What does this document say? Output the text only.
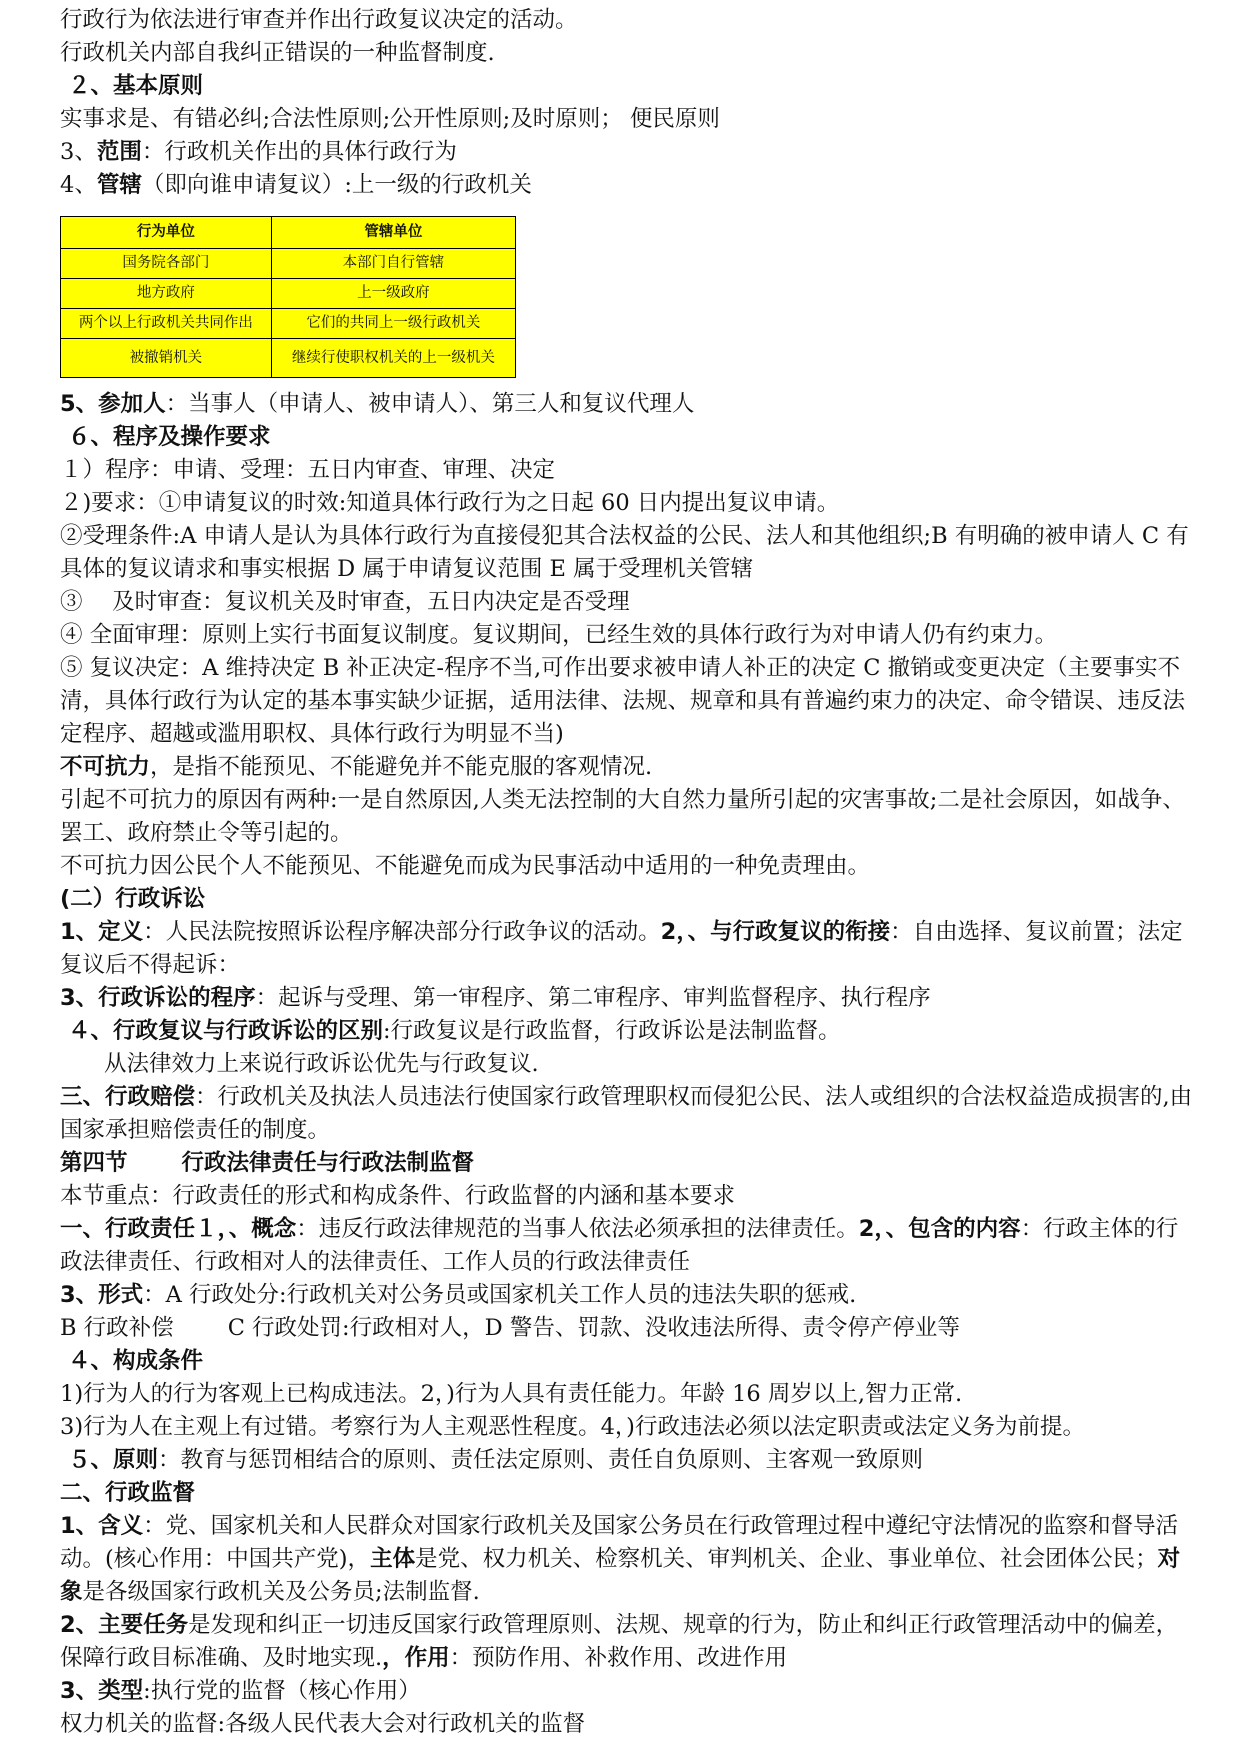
行政行为依法进行审查并作出行政复议决定的活动。

行政机关内部自我纠正错误的一种监督制度.

２、基本原则

实事求是、有错必纠;合法性原则;公开性原则;及时原则； 便民原则

3、范围：行政机关作出的具体行政行为

4、管辖（即向谁申请复议）:上一级的行政机关

行为单位	管辖单位
国务院各部门	本部门自行管辖
地方政府	上一级政府
两个以上行政机关共同作出	它们的共同上一级行政机关
被撤销机关	继续行使职权机关的上一级机关

5、参加人：当事人（申请人、被申请人）、第三人和复议代理人

６、程序及操作要求

１）程序：申请、受理：五日内审查、审理、决定

２)要求：①申请复议的时效:知道具体行政行为之日起 60 日内提出复议申请。

②受理条件:A 申请人是认为具体行政行为直接侵犯其合法权益的公民、法人和其他组织;B 有明确的被申请人 C 有具体的复议请求和事实根据 D 属于申请复议范围 E 属于受理机关管辖

③　 及时审查：复议机关及时审查，五日内决定是否受理

④ 全面审理：原则上实行书面复议制度。复议期间，已经生效的具体行政行为对申请人仍有约束力。

⑤ 复议决定：A 维持决定 B 补正决定-程序不当,可作出要求被申请人补正的决定 C 撤销或变更决定（主要事实不清，具体行政行为认定的基本事实缺少证据，适用法律、法规、规章和具有普遍约束力的决定、命令错误、违反法定程序、超越或滥用职权、具体行政行为明显不当)

不可抗力，是指不能预见、不能避免并不能克服的客观情况.

引起不可抗力的原因有两种:一是自然原因,人类无法控制的大自然力量所引起的灾害事故;二是社会原因，如战争、罢工、政府禁止令等引起的。

不可抗力因公民个人不能预见、不能避免而成为民事活动中适用的一种免责理由。

(二）行政诉讼

1、定义：人民法院按照诉讼程序解决部分行政争议的活动。2，、与行政复议的衔接：自由选择、复议前置；法定复议后不得起诉：

3、行政诉讼的程序：起诉与受理、第一审程序、第二审程序、审判监督程序、执行程序

４、行政复议与行政诉讼的区别:行政复议是行政监督，行政诉讼是法制监督。

从法律效力上来说行政诉讼优先与行政复议.

三、行政赔偿：行政机关及执法人员违法行使国家行政管理职权而侵犯公民、法人或组织的合法权益造成损害的,由国家承担赔偿责任的制度。

第四节 行政法律责任与行政法制监督

本节重点：行政责任的形式和构成条件、行政监督的内涵和基本要求

一、行政责任１，、概念：违反行政法律规范的当事人依法必须承担的法律责任。2，、包含的内容：行政主体的行政法律责任、行政相对人的法律责任、工作人员的行政法律责任

3、形式：A 行政处分:行政机关对公务员或国家机关工作人员的违法失职的惩戒.

B 行政补偿 C 行政处罚:行政相对人，D 警告、罚款、没收违法所得、责令停产停业等

４、构成条件

1)行为人的行为客观上已构成违法。2，)行为人具有责任能力。年龄 16 周岁以上,智力正常.

3)行为人在主观上有过错。考察行为人主观恶性程度。4，)行政违法必须以法定职责或法定义务为前提。

５、原则：教育与惩罚相结合的原则、责任法定原则、责任自负原则、主客观一致原则

二、行政监督

1、含义：党、国家机关和人民群众对国家行政机关及国家公务员在行政管理过程中遵纪守法情况的监察和督导活动。(核心作用：中国共产党)，主体是党、权力机关、检察机关、审判机关、企业、事业单位、社会团体公民；对象是各级国家行政机关及公务员;法制监督.

2、主要任务是发现和纠正一切违反国家行政管理原则、法规、规章的行为，防止和纠正行政管理活动中的偏差，保障行政目标准确、及时地实现.，作用：预防作用、补救作用、改进作用

3、类型:执行党的监督（核心作用）

权力机关的监督:各级人民代表大会对行政机关的监督
